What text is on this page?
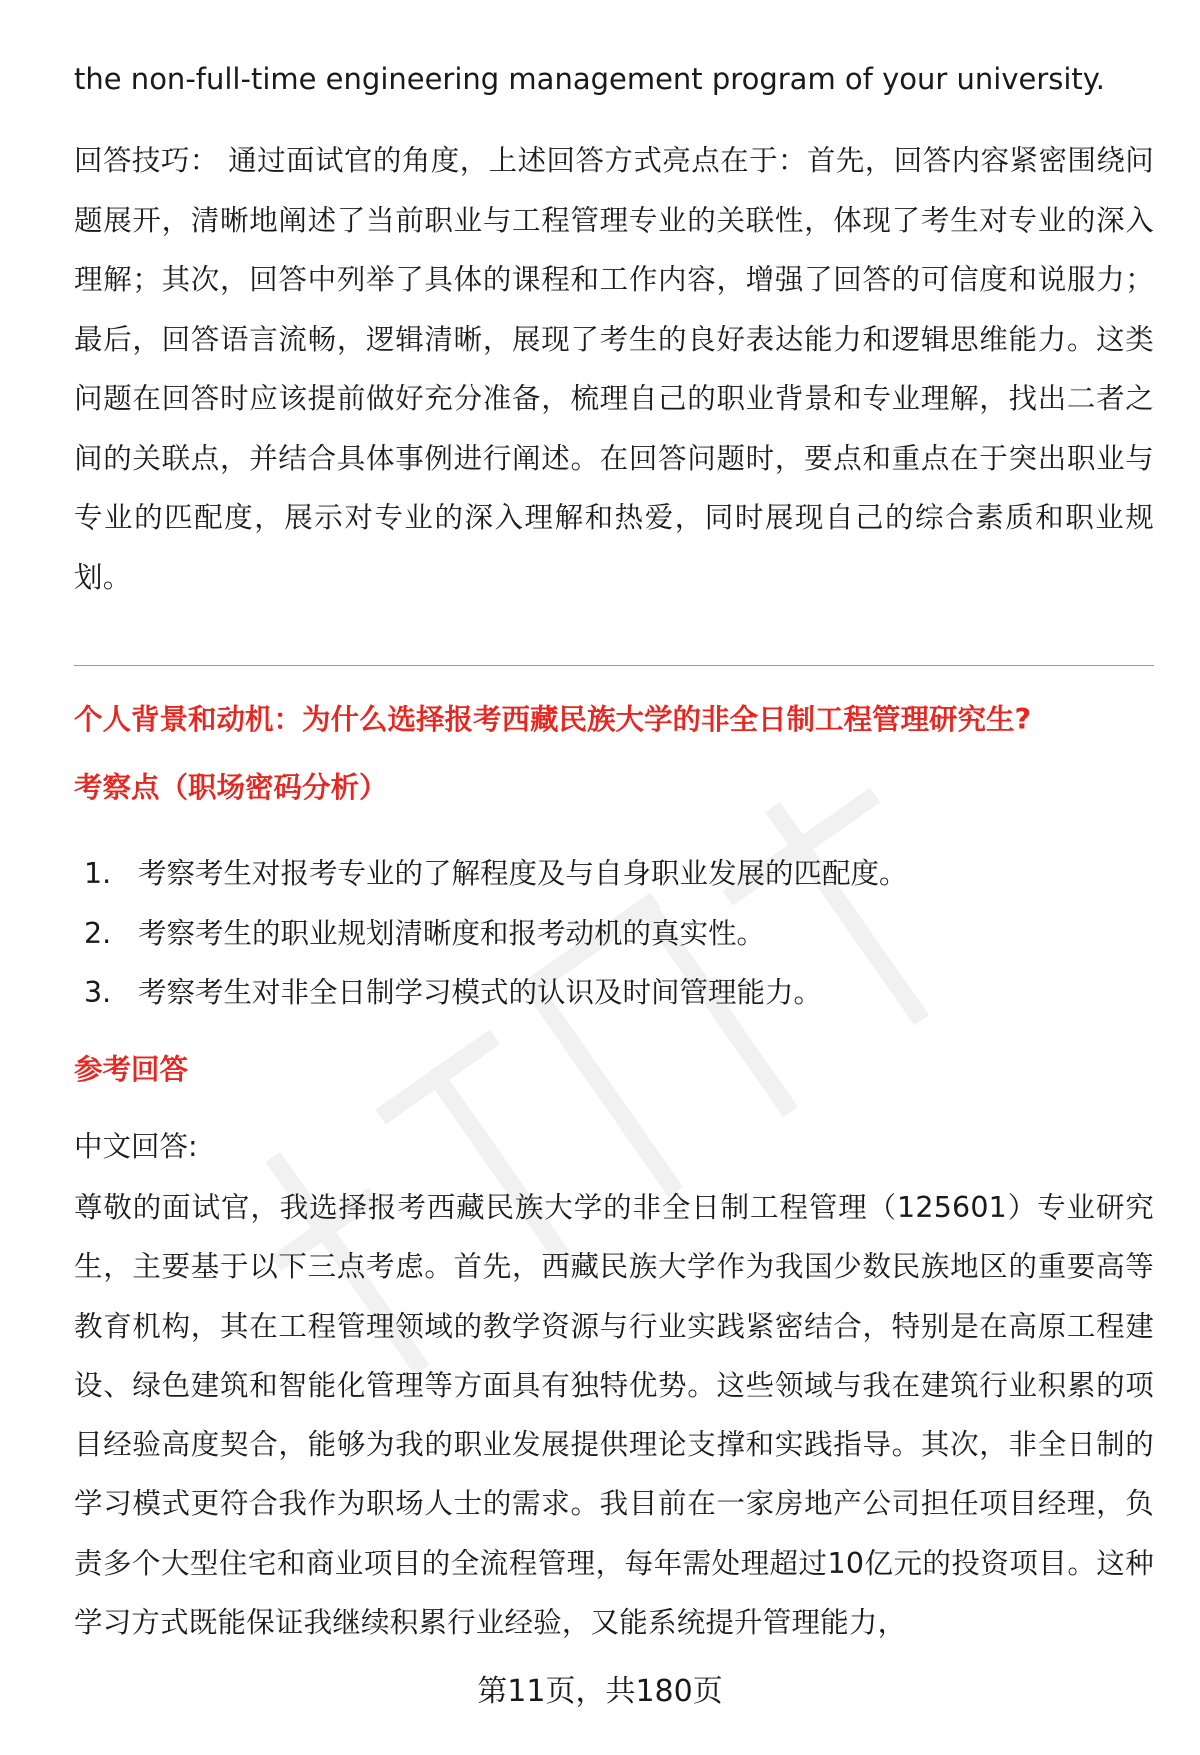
the non-full-time engineering management program of your university.

回答技巧： 通过面试官的角度，上述回答方式亮点在于：首先，回答内容紧密围绕问题展开，清晰地阐述了当前职业与工程管理专业的关联性，体现了考生对专业的深入理解；其次，回答中列举了具体的课程和工作内容，增强了回答的可信度和说服力；最后，回答语言流畅，逻辑清晰，展现了考生的良好表达能力和逻辑思维能力。这类问题在回答时应该提前做好充分准备，梳理自己的职业背景和专业理解，找出二者之间的关联点，并结合具体事例进行阐述。在回答问题时，要点和重点在于突出职业与专业的匹配度，展示对专业的深入理解和热爱，同时展现自己的综合素质和职业规划。

个人背景和动机：为什么选择报考西藏民族大学的非全日制工程管理研究生?

考察点（职场密码分析）

1. 考察考生对报考专业的了解程度及与自身职业发展的匹配度。
2. 考察考生的职业规划清晰度和报考动机的真实性。
3. 考察考生对非全日制学习模式的认识及时间管理能力。

参考回答

中文回答:

尊敬的面试官，我选择报考西藏民族大学的非全日制工程管理（125601）专业研究生，主要基于以下三点考虑。首先，西藏民族大学作为我国少数民族地区的重要高等教育机构，其在工程管理领域的教学资源与行业实践紧密结合，特别是在高原工程建设、绿色建筑和智能化管理等方面具有独特优势。这些领域与我在建筑行业积累的项目经验高度契合，能够为我的职业发展提供理论支撑和实践指导。其次，非全日制的学习模式更符合我作为职场人士的需求。我目前在一家房地产公司担任项目经理，负责多个大型住宅和商业项目的全流程管理，每年需处理超过10亿元的投资项目。这种学习方式既能保证我继续积累行业经验，又能系统提升管理能力，

第11页，共180页
